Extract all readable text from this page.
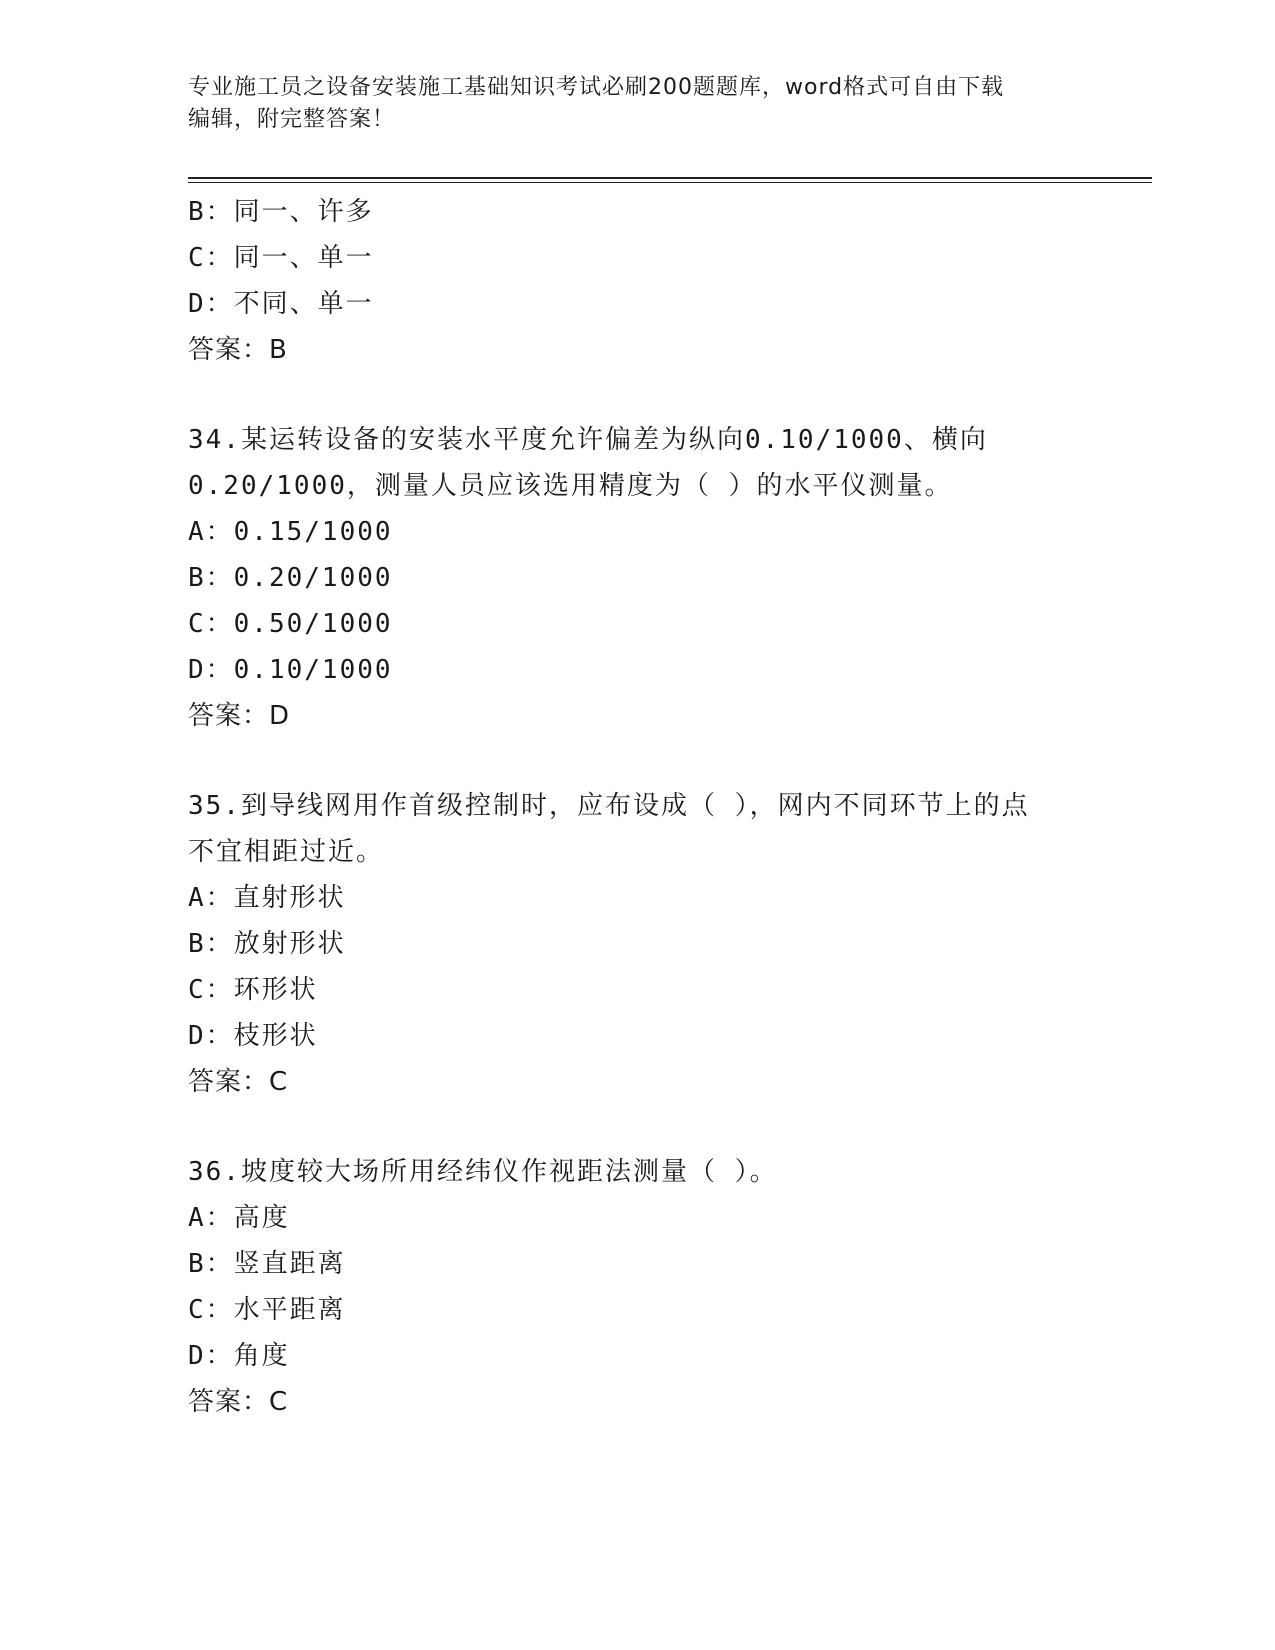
专业施工员之设备安装施工基础知识考试必刷200题题库，word格式可自由下载
编辑，附完整答案！
B：同一、许多
C：同一、单一
D：不同、单一
答案：B
34.某运转设备的安装水平度允许偏差为纵向0.10/1000、横向
0.20/1000，测量人员应该选用精度为（ ）的水平仪测量。
A：0.15/1000
B：0.20/1000
C：0.50/1000
D：0.10/1000
答案：D
35.到导线网用作首级控制时，应布设成（ ），网内不同环节上的点
不宜相距过近。
A：直射形状
B：放射形状
C：环形状
D：枝形状
答案：C
36.坡度较大场所用经纬仪作视距法测量（ ）。
A：高度
B：竖直距离
C：水平距离
D：角度
答案：C
